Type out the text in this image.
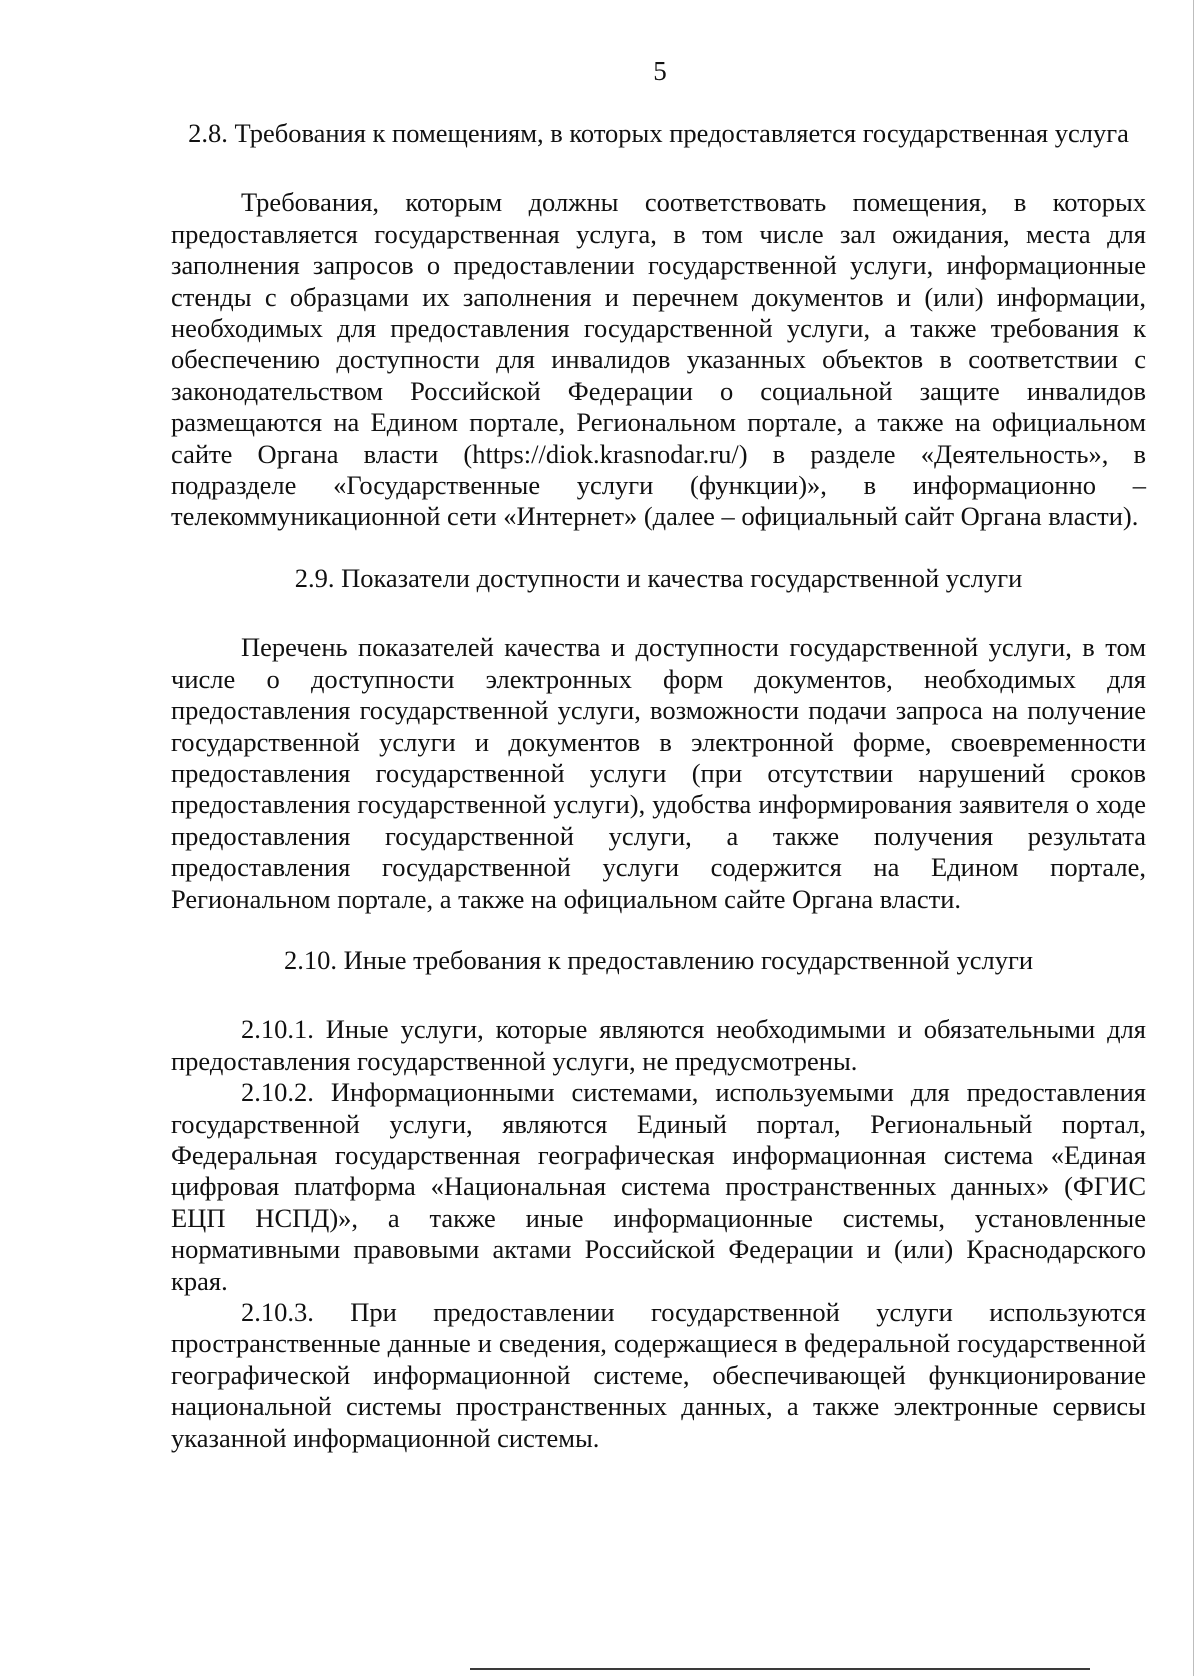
5
2.8. Требования к помещениям, в которых предоставляется государственная услуга

Требования, которым должны соответствовать помещения, в которых предоставляется государственная услуга, в том числе зал ожидания, места для заполнения запросов о предоставлении государственной услуги, информационные стенды с образцами их заполнения и перечнем документов и (или) информации, необходимых для предоставления государственной услуги, а также требования к обеспечению доступности для инвалидов указанных объектов в соответствии с законодательством Российской Федерации о социальной защите инвалидов размещаются на Едином портале, Региональном портале, а также на официальном сайте Органа власти (https://diok.krasnodar.ru/) в разделе «Деятельность», в подразделе «Государственные услуги (функции)», в информационно – телекоммуникационной сети «Интернет» (далее – официальный сайт Органа власти).

2.9. Показатели доступности и качества государственной услуги

Перечень показателей качества и доступности государственной услуги, в том числе о доступности электронных форм документов, необходимых для предоставления государственной услуги, возможности подачи запроса на получение государственной услуги и документов в электронной форме, своевременности предоставления государственной услуги (при отсутствии нарушений сроков предоставления государственной услуги), удобства информирования заявителя о ходе предоставления государственной услуги, а также получения результата предоставления государственной услуги содержится на Едином портале, Региональном портале, а также на официальном сайте Органа власти.

2.10. Иные требования к предоставлению государственной услуги

2.10.1. Иные услуги, которые являются необходимыми и обязательными для предоставления государственной услуги, не предусмотрены.

2.10.2. Информационными системами, используемыми для предоставления государственной услуги, являются Единый портал, Региональный портал, Федеральная государственная географическая информационная система «Единая цифровая платформа «Национальная система пространственных данных» (ФГИС ЕЦП НСПД)», а также иные информационные системы, установленные нормативными правовыми актами Российской Федерации и (или) Краснодарского края.

2.10.3. При предоставлении государственной услуги используются пространственные данные и сведения, содержащиеся в федеральной государственной географической информационной системе, обеспечивающей функционирование национальной системы пространственных данных, а также электронные сервисы указанной информационной системы.
